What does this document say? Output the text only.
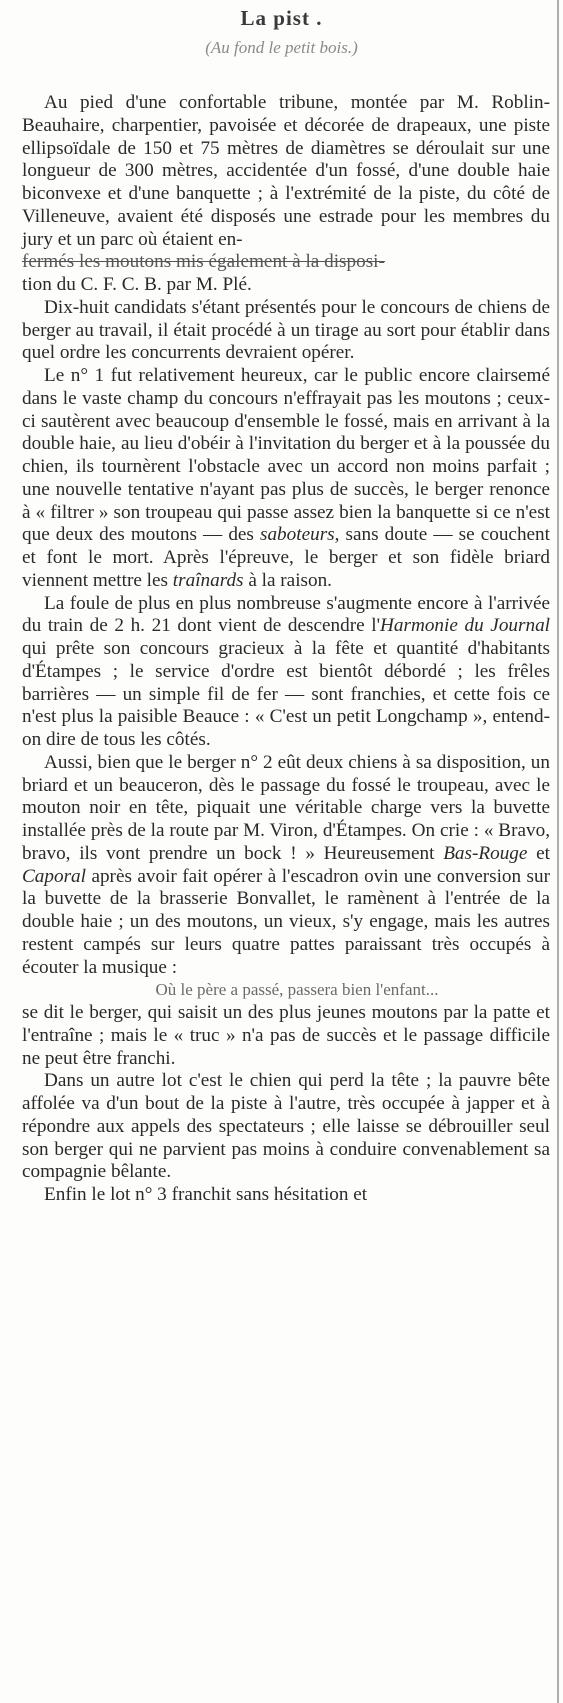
La pist .
(Au fond le petit bois.)

Au pied d'une confortable tribune, montée par M. Roblin-Beauhaire, charpentier, pavoisée et décorée de drapeaux, une piste ellipsoïdale de 150 et 75 mètres de diamètres se déroulait sur une longueur de 300 mètres, accidentée d'un fossé, d'une double haie biconvexe et d'une banquette ; à l'extrémité de la piste, du côté de Villeneuve, avaient été disposés une estrade pour les membres du jury et un parc où étaient en-
fermés les moutons mis également à la disposi-
tion du C. F. C. B. par M. Plé.

Dix-huit candidats s'étant présentés pour le concours de chiens de berger au travail, il était procédé à un tirage au sort pour établir dans quel ordre les concurrents devraient opérer.

Le n° 1 fut relativement heureux, car le public encore clairsemé dans le vaste champ du concours n'effrayait pas les moutons ; ceux-ci sautèrent avec beaucoup d'ensemble le fossé, mais en arrivant à la double haie, au lieu d'obéir à l'invitation du berger et à la poussée du chien, ils tournèrent l'obstacle avec un accord non moins parfait ; une nouvelle tentative n'ayant pas plus de succès, le berger renonce à « filtrer » son troupeau qui passe assez bien la banquette si ce n'est que deux des moutons — des saboteurs, sans doute — se couchent et font le mort. Après l'épreuve, le berger et son fidèle briard viennent mettre les traînards à la raison.

La foule de plus en plus nombreuse s'augmente encore à l'arrivée du train de 2 h. 21 dont vient de descendre l'Harmonie du Journal qui prête son concours gracieux à la fête et quantité d'habitants d'Étampes ; le service d'ordre est bientôt débordé ; les frêles barrières — un simple fil de fer — sont franchies, et cette fois ce n'est plus la paisible Beauce : « C'est un petit Longchamp », entend-on dire de tous les côtés.

Aussi, bien que le berger n° 2 eût deux chiens à sa disposition, un briard et un beauceron, dès le passage du fossé le troupeau, avec le mouton noir en tête, piquait une véritable charge vers la buvette installée près de la route par M. Viron, d'Étampes. On crie : « Bravo, bravo, ils vont prendre un bock ! » Heureusement Bas-Rouge et Caporal après avoir fait opérer à l'escadron ovin une conversion sur la buvette de la brasserie Bonvallet, le ramènent à l'entrée de la double haie ; un des moutons, un vieux, s'y engage, mais les autres restent campés sur leurs quatre pattes paraissant très occupés à écouter la musique :

Où le père a passé, passera bien l'enfant...

se dit le berger, qui saisit un des plus jeunes moutons par la patte et l'entraîne ; mais le « truc » n'a pas de succès et le passage difficile ne peut être franchi.

Dans un autre lot c'est le chien qui perd la tête ; la pauvre bête affolée va d'un bout de la piste à l'autre, très occupée à japper et à répondre aux appels des spectateurs ; elle laisse se débrouiller seul son berger qui ne parvient pas moins à conduire convenablement sa compagnie bêlante.

Enfin le lot n° 3 franchit sans hésitation et
